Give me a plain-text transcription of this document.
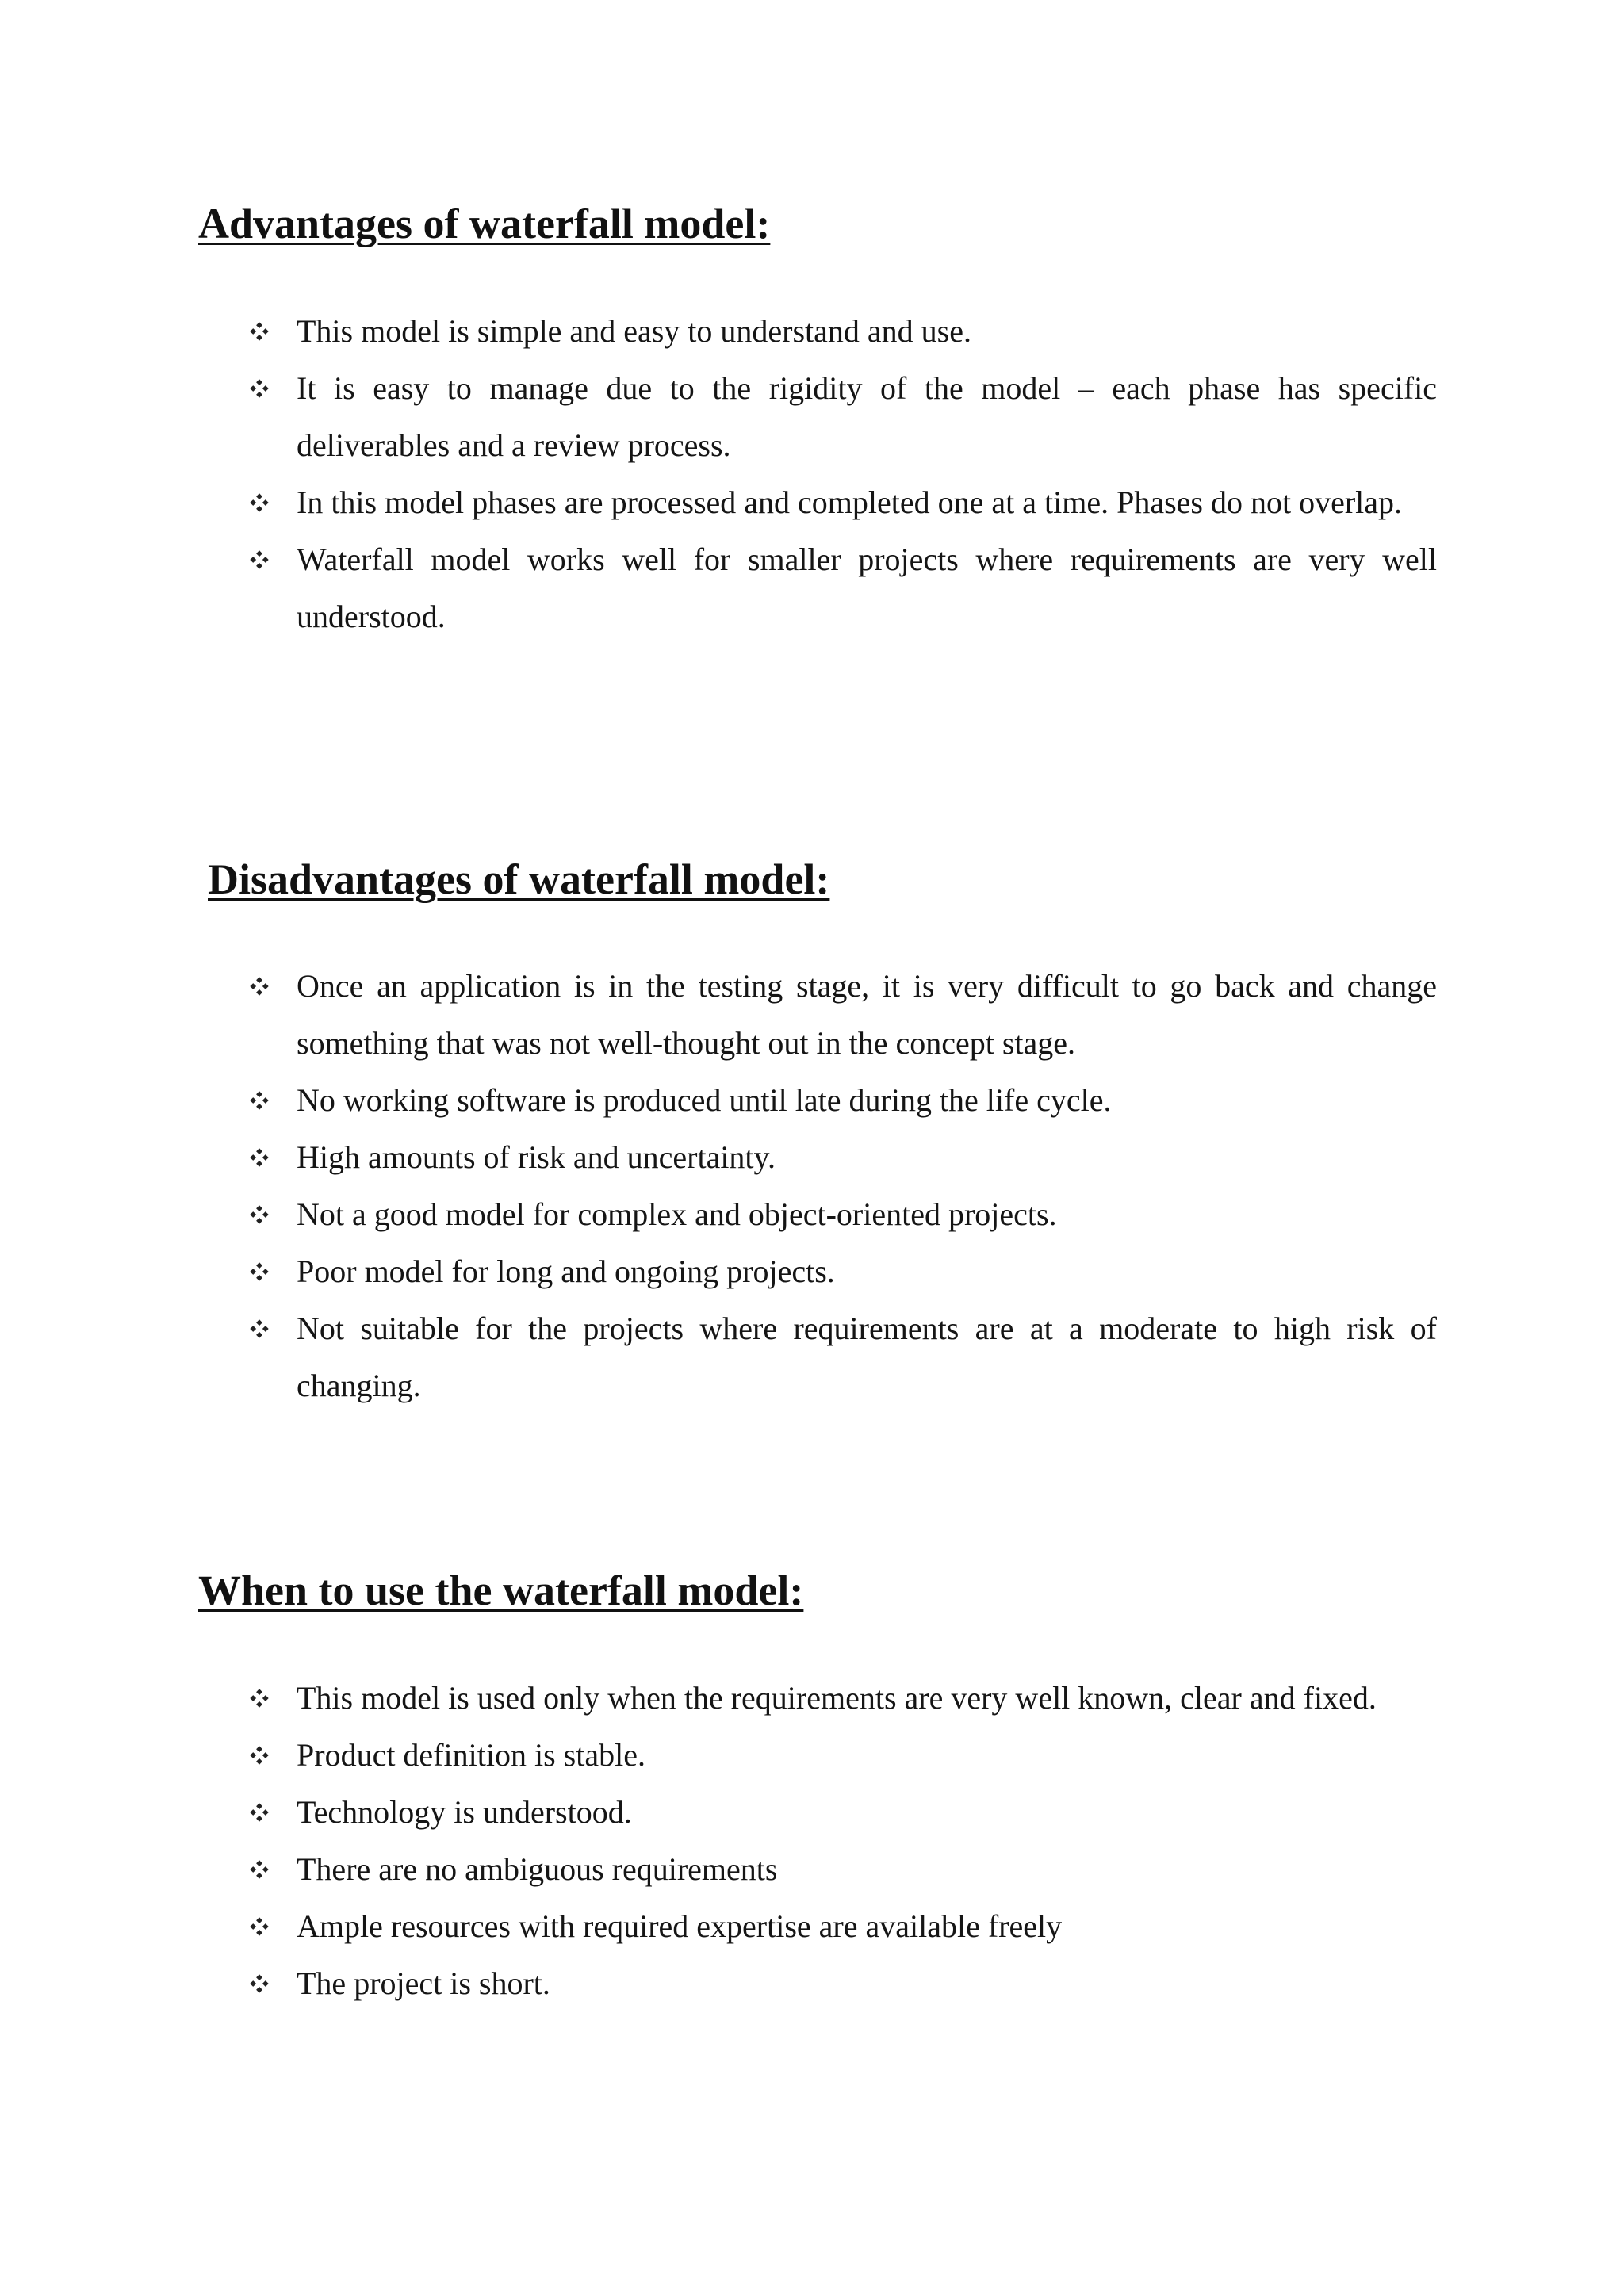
Advantages of waterfall model:
This model is simple and easy to understand and use.
It is easy to manage due to the rigidity of the model – each phase has specific deliverables and a review process.
In this model phases are processed and completed one at a time. Phases do not overlap.
Waterfall model works well for smaller projects where requirements are very well understood.
Disadvantages of waterfall model:
Once an application is in the testing stage, it is very difficult to go back and change something that was not well-thought out in the concept stage.
No working software is produced until late during the life cycle.
High amounts of risk and uncertainty.
Not a good model for complex and object-oriented projects.
Poor model for long and ongoing projects.
Not suitable for the projects where requirements are at a moderate to high risk of changing.
When to use the waterfall model:
This model is used only when the requirements are very well known, clear and fixed.
Product definition is stable.
Technology is understood.
There are no ambiguous requirements
Ample resources with required expertise are available freely
The project is short.
